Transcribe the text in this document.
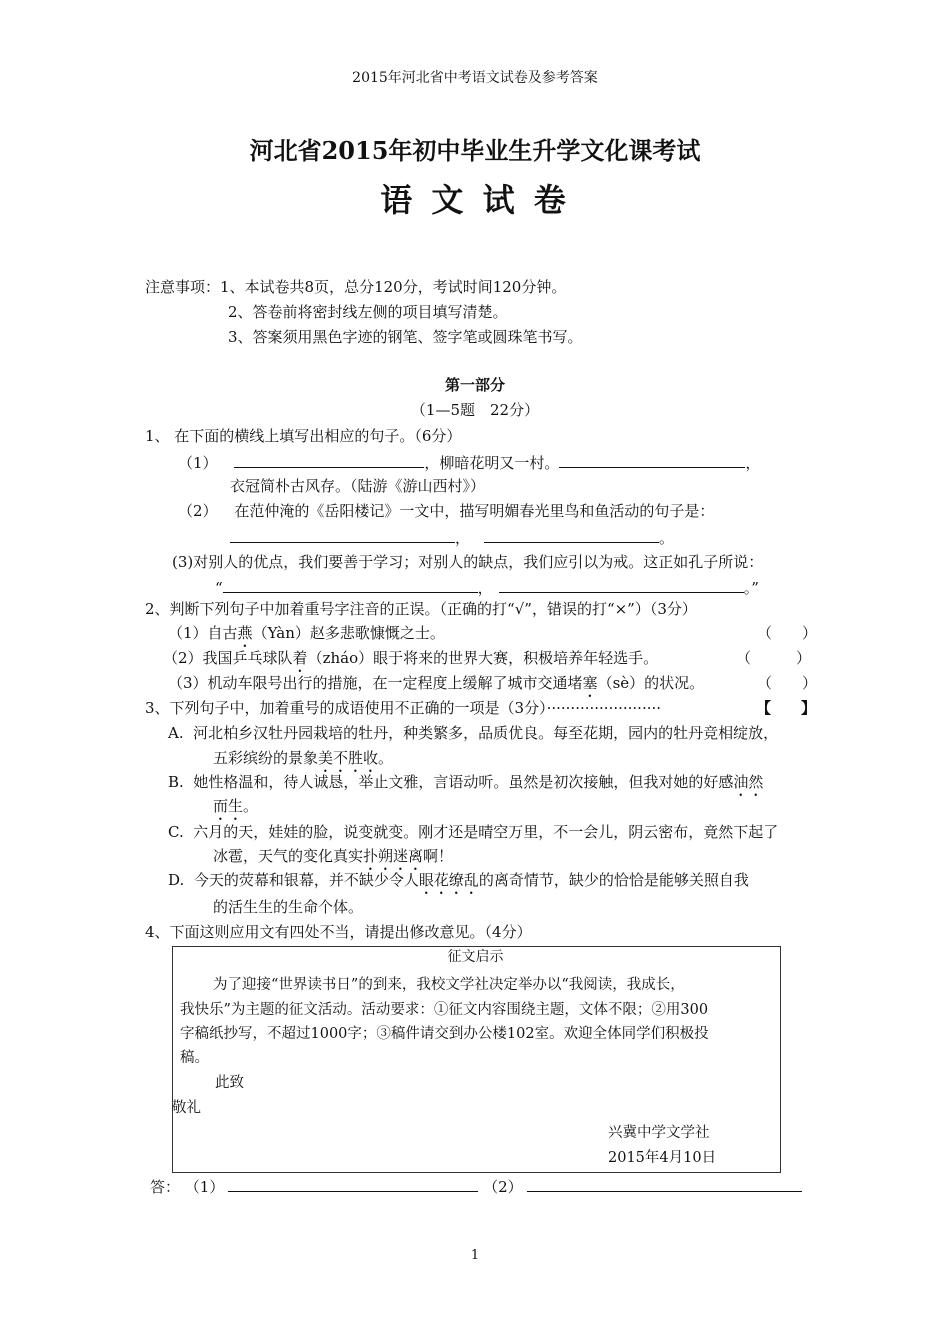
2015年河北省中考语文试卷及参考答案
河北省2015年初中毕业生升学文化课考试
语 文 试 卷
注意事项：1、本试卷共8页，总分120分，考试时间120分钟。
2、答卷前将密封线左侧的项目填写清楚。
3、答案须用黑色字迹的钢笔、签字笔或圆珠笔书写。
第一部分
（1—5题　22分）
1、 在下面的横线上填写出相应的句子。（6分）
（1）	，柳暗花明又一村。	，
衣冠简朴古风存。（陆游《游山西村》）
（2） 在范仲淹的《岳阳楼记》一文中，描写明媚春光里鸟和鱼活动的句子是：
，	。
(3)对别人的优点，我们要善于学习；对别人的缺点，我们应引以为戒。这正如孔子所说：
“	，	。”
2、判断下列句子中加着重号字注音的正误。（正确的打“√”，错误的打“×”）（3分）
（1）自古燕（Yàn）赵多悲歌慷慨之士。	（　　）
（2）我国乒乓球队着（zháo）眼于将来的世界大赛，积极培养年轻选手。	（　　　）
（3）机动车限号出行的措施，在一定程度上缓解了城市交通堵塞（sè）的状况。	（　　）
3、下列句子中，加着重号的成语使用不正确的一项是（3分）························	【　　】
A. 河北柏乡汉牡丹园栽培的牡丹，种类繁多，品质优良。每至花期，园内的牡丹竞相绽放，
五彩缤纷的景象美不胜收。
B. 她性格温和，待人诚恳，举止文雅，言语动听。虽然是初次接触，但我对她的好感油然
而生。
C. 六月的天，娃娃的脸，说变就变。刚才还是晴空万里，不一会儿，阴云密布，竟然下起了
冰雹，天气的变化真实扑朔迷离啊！
D. 今天的荧幕和银幕，并不缺少令人眼花缭乱的离奇情节，缺少的恰恰是能够关照自我
的活生生的生命个体。
4、下面这则应用文有四处不当，请提出修改意见。（4分）
征文启示
为了迎接“世界读书日”的到来，我校文学社决定举办以“我阅读，我成长，
我快乐”为主题的征文活动。活动要求：①征文内容围绕主题，文体不限；②用300
字稿纸抄写，不超过1000字；③稿件请交到办公楼102室。欢迎全体同学们积极投
稿。
此致
敬礼
兴冀中学文学社
2015年4月10日
答： （1）	（2）
1
